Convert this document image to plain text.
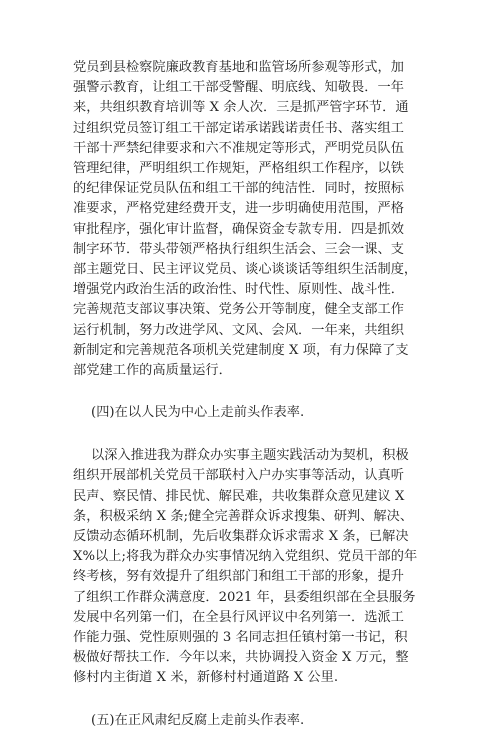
党员到县检察院廉政教育基地和监管场所参观等形式，加
强警示教育，让组工干部受警醒、明底线、知敬畏．一年
来，共组织教育培训等 X 余人次．三是抓严管字环节．通
过组织党员签订组工干部定诺承诺践诺责任书、落实组工
干部十严禁纪律要求和六不准规定等形式，严明党员队伍
管理纪律，严明组织工作规矩，严格组织工作程序，以铁
的纪律保证党员队伍和组工干部的纯洁性．同时，按照标
准要求，严格党建经费开支，进一步明确使用范围，严格
审批程序，强化审计监督，确保资金专款专用．四是抓效
制字环节．带头带领严格执行组织生活会、三会一课、支
部主题党日、民主评议党员、谈心谈谈话等组织生活制度，
增强党内政治生活的政治性、时代性、原则性、战斗性．
完善规范支部议事决策、党务公开等制度，健全支部工作
运行机制，努力改进学风、文风、会风．一年来，共组织
新制定和完善规范各项机关党建制度 X 项，有力保障了支
部党建工作的高质量运行．
(四)在以人民为中心上走前头作表率.
以深入推进我为群众办实事主题实践活动为契机，积极
组织开展部机关党员干部联村入户办实事等活动，认真听
民声、察民情、排民忧、解民难，共收集群众意见建议 X
条，积极采纳 X 条;健全完善群众诉求搜集、研判、解决、
反馈动态循环机制，先后收集群众诉求需求 X 条，已解决
X%以上;将我为群众办实事情况纳入党组织、党员干部的年
终考核，努有效提升了组织部门和组工干部的形象，提升
了组织工作群众满意度．2021 年，县委组织部在全县服务
发展中名列第一们，在全县行风评议中名列第一．选派工
作能力强、党性原则强的 3 名同志担任镇村第一书记，积
极做好帮扶工作．今年以来，共协调投入资金 X 万元，整
修村内主街道 X 米，新修村村通道路 X 公里.
(五)在正风肃纪反腐上走前头作表率.
